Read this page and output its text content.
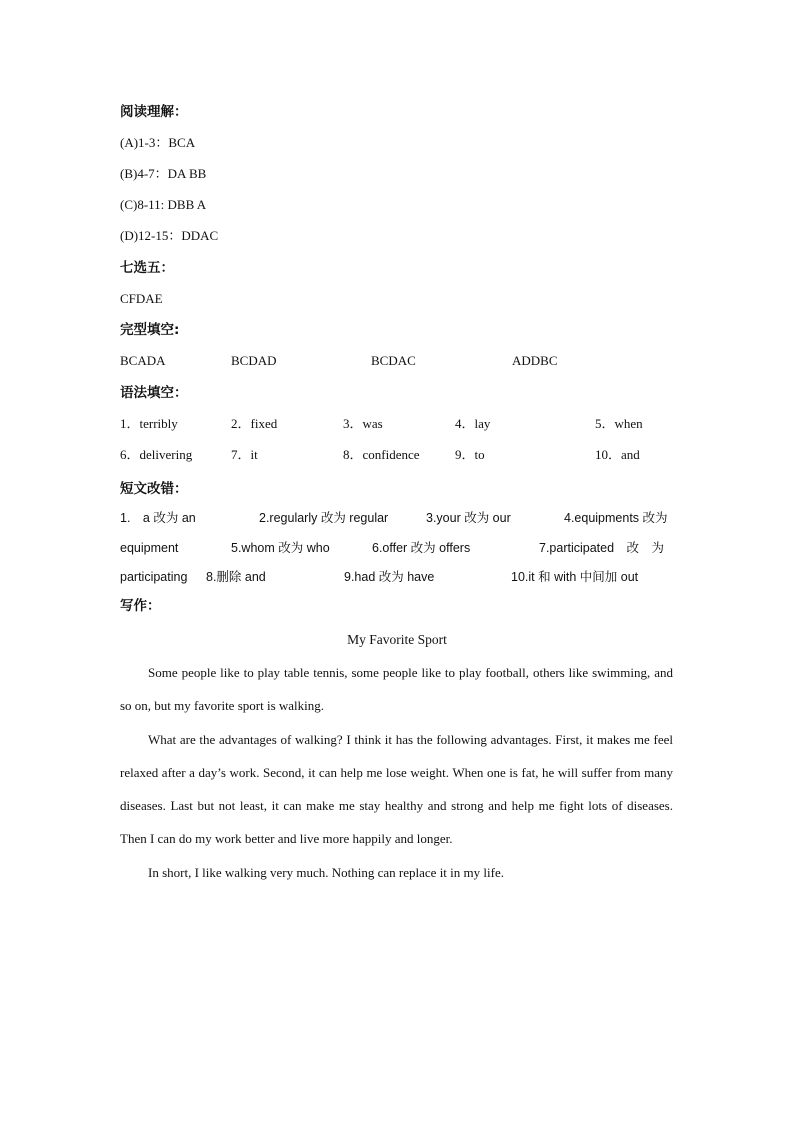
阅读理解：
(A)1-3：BCA
(B)4-7：DA BB
(C)8-11: DBB A
(D)12-15：DDAC
七选五：
CFDAE
完型填空:
BCADA	BCDAD	BCDAC	ADDBC
语法填空：
1．terribly	2．fixed	3．was	4．lay	5．when
6．delivering	7．it	8．confidence	9．to	10．and
短文改错：
1.　a 改为 an	2.regularly 改为 regular	3.your 改为 our	4.equipments 改为
equipment	5.whom 改为 who	6.offer 改为 offers	7.participated　改　为
participating 8.删除 and	9.had 改为 have	10.it 和 with 中间加 out
写作：
My Favorite Sport
Some people like to play table tennis, some people like to play football, others like swimming, and so on, but my favorite sport is walking.
What are the advantages of walking? I think it has the following advantages. First, it makes me feel relaxed after a day’s work. Second, it can help me lose weight. When one is fat, he will suffer from many diseases. Last but not least, it can make me stay healthy and strong and help me fight lots of diseases. Then I can do my work better and live more happily and longer.
In short, I like walking very much. Nothing can replace it in my life.
